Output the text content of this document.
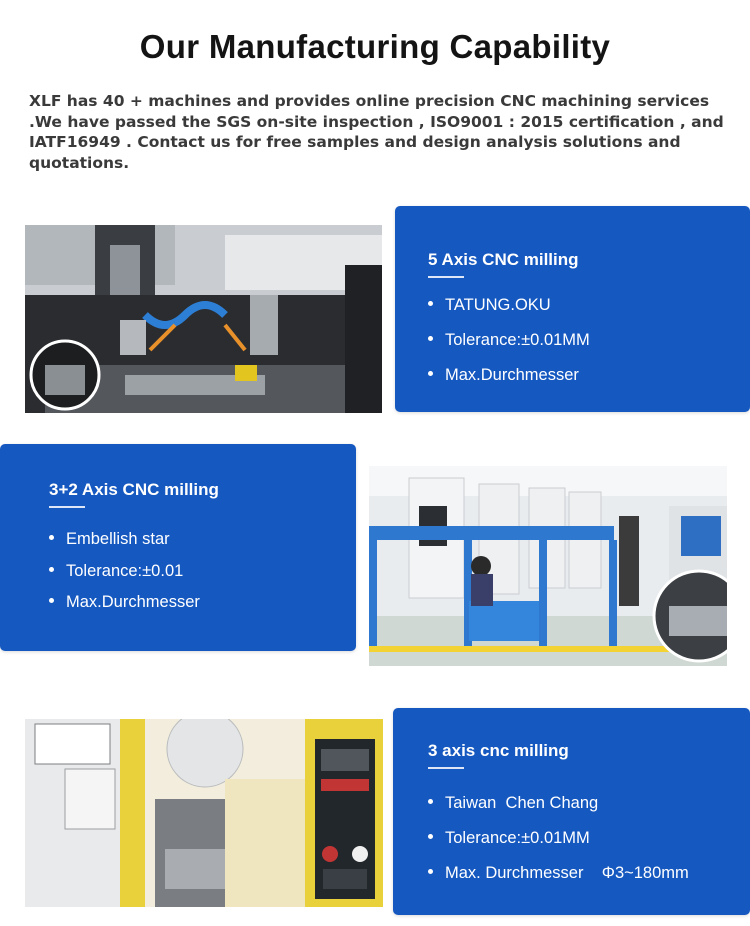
Our Manufacturing Capability
XLF has 40 + machines and provides online precision CNC machining services .We have passed the SGS on-site inspection , ISO9001 : 2015 certification , and IATF16949 . Contact us for free samples and design analysis solutions and quotations.
5 Axis CNC milling
TATUNG.OKU
Tolerance:±0.01MM
Max.Durchmesser
3+2 Axis CNC milling
Embellish star
Tolerance:±0.01
Max.Durchmesser
3 axis cnc milling
Taiwan  Chen Chang
Tolerance:±0.01MM
Max. Durchmesser    Φ3~180mm
